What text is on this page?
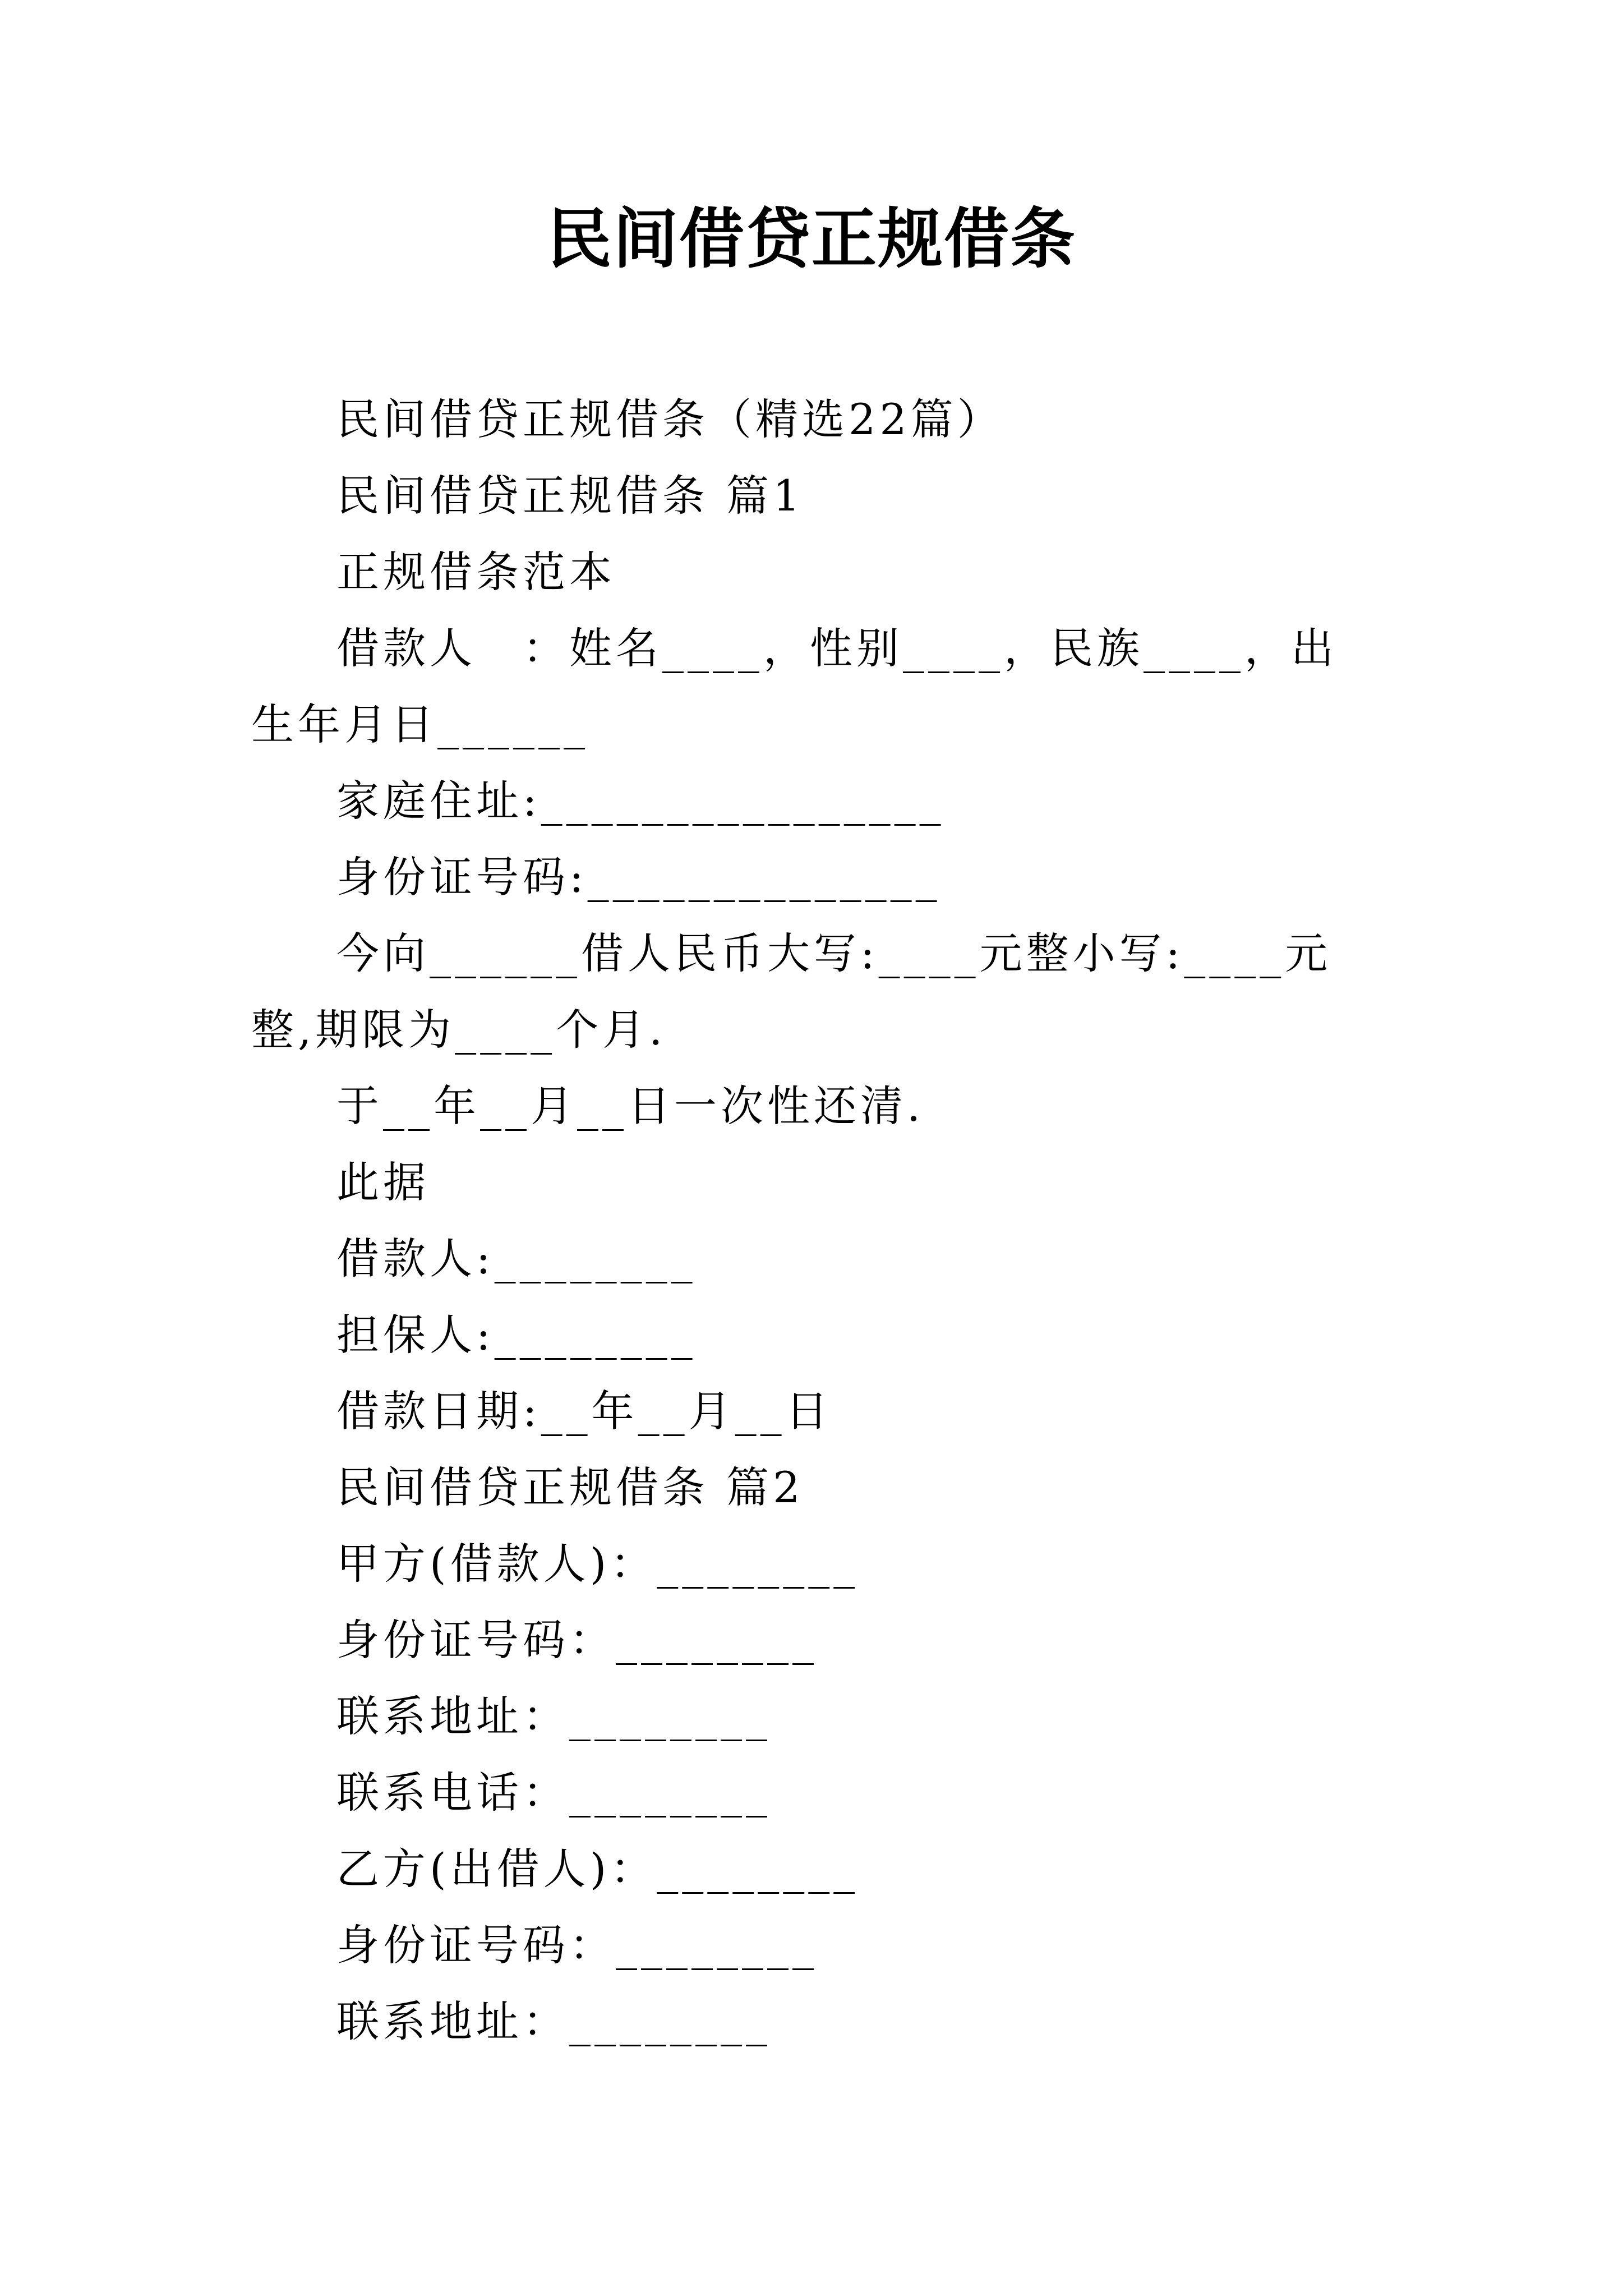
民间借贷正规借条

民间借贷正规借条（精选22篇）

民间借贷正规借条 篇1

正规借条范本

借款人　：姓名____，性别____，民族____，出生年月日______

家庭住址:________________

身份证号码:______________

今向______借人民币大写:____元整小写:____元整,期限为____个月.

于__年__月__日一次性还清.

此据

借款人:________

担保人:________

借款日期:__年__月__日

民间借贷正规借条 篇2

甲方(借款人)：________

身份证号码：________

联系地址：________

联系电话：________

乙方(出借人)：________

身份证号码：________

联系地址：________
